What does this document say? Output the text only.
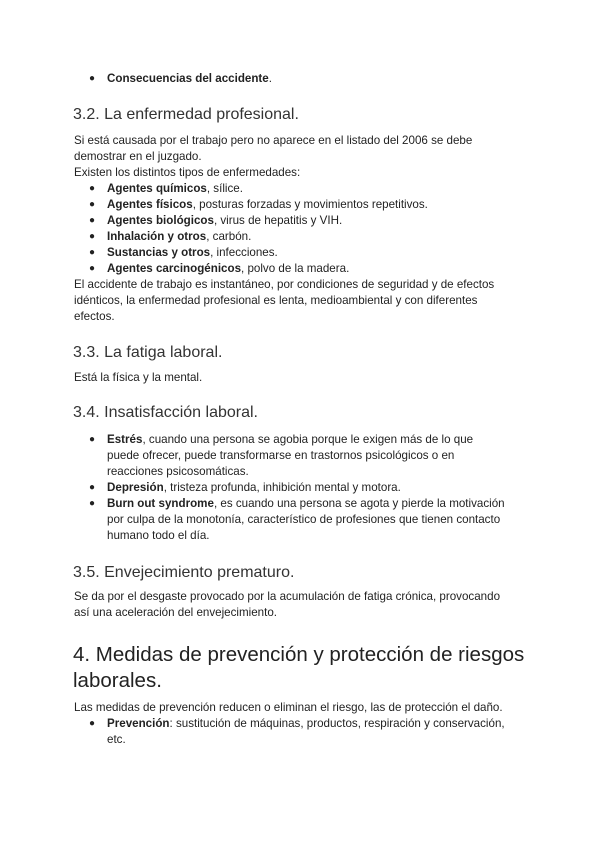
● Consecuencias del accidente.
3.2. La enfermedad profesional.
Si está causada por el trabajo pero no aparece en el listado del 2006 se debe
demostrar en el juzgado.
Existen los distintos tipos de enfermedades:
● Agentes químicos, sílice.
● Agentes físicos, posturas forzadas y movimientos repetitivos.
● Agentes biológicos, virus de hepatitis y VIH.
● Inhalación y otros, carbón.
● Sustancias y otros, infecciones.
● Agentes carcinogénicos, polvo de la madera.
El accidente de trabajo es instantáneo, por condiciones de seguridad y de efectos
idénticos, la enfermedad profesional es lenta, medioambiental y con diferentes
efectos.
3.3. La fatiga laboral.
Está la física y la mental.
3.4. Insatisfacción laboral.
● Estrés, cuando una persona se agobia porque le exigen más de lo que
puede ofrecer, puede transformarse en trastornos psicológicos o en
reacciones psicosomáticas.
● Depresión, tristeza profunda, inhibición mental y motora.
● Burn out syndrome, es cuando una persona se agota y pierde la motivación
por culpa de la monotonía, característico de profesiones que tienen contacto
humano todo el día.
3.5. Envejecimiento prematuro.
Se da por el desgaste provocado por la acumulación de fatiga crónica, provocando
así una aceleración del envejecimiento.
4. Medidas de prevención y protección de riesgos
laborales.
Las medidas de prevención reducen o eliminan el riesgo, las de protección el daño.
● Prevención: sustitución de máquinas, productos, respiración y conservación,
etc.
